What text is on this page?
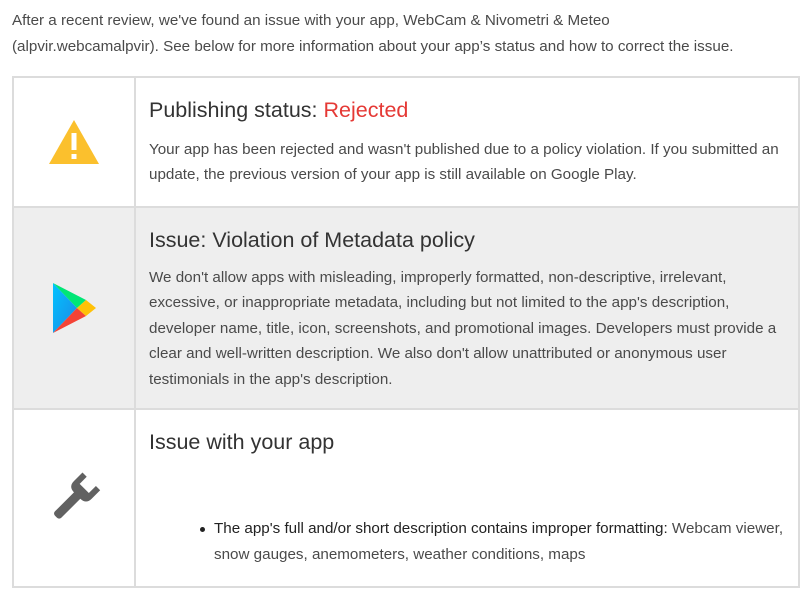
After a recent review, we've found an issue with your app, WebCam & Nivometri & Meteo
(alpvir.webcamalpvir). See below for more information about your app’s status and how to correct the issue.
Publishing status: Rejected
Your app has been rejected and wasn't published due to a policy violation. If you submitted an update, the previous version of your app is still available on Google Play.
Issue: Violation of Metadata policy
We don't allow apps with misleading, improperly formatted, non-descriptive, irrelevant, excessive, or inappropriate metadata, including but not limited to the app's description, developer name, title, icon, screenshots, and promotional images. Developers must provide a clear and well-written description. We also don't allow unattributed or anonymous user testimonials in the app's description.
Issue with your app
The app's full and/or short description contains improper formatting: Webcam viewer, snow gauges, anemometers, weather conditions, maps
